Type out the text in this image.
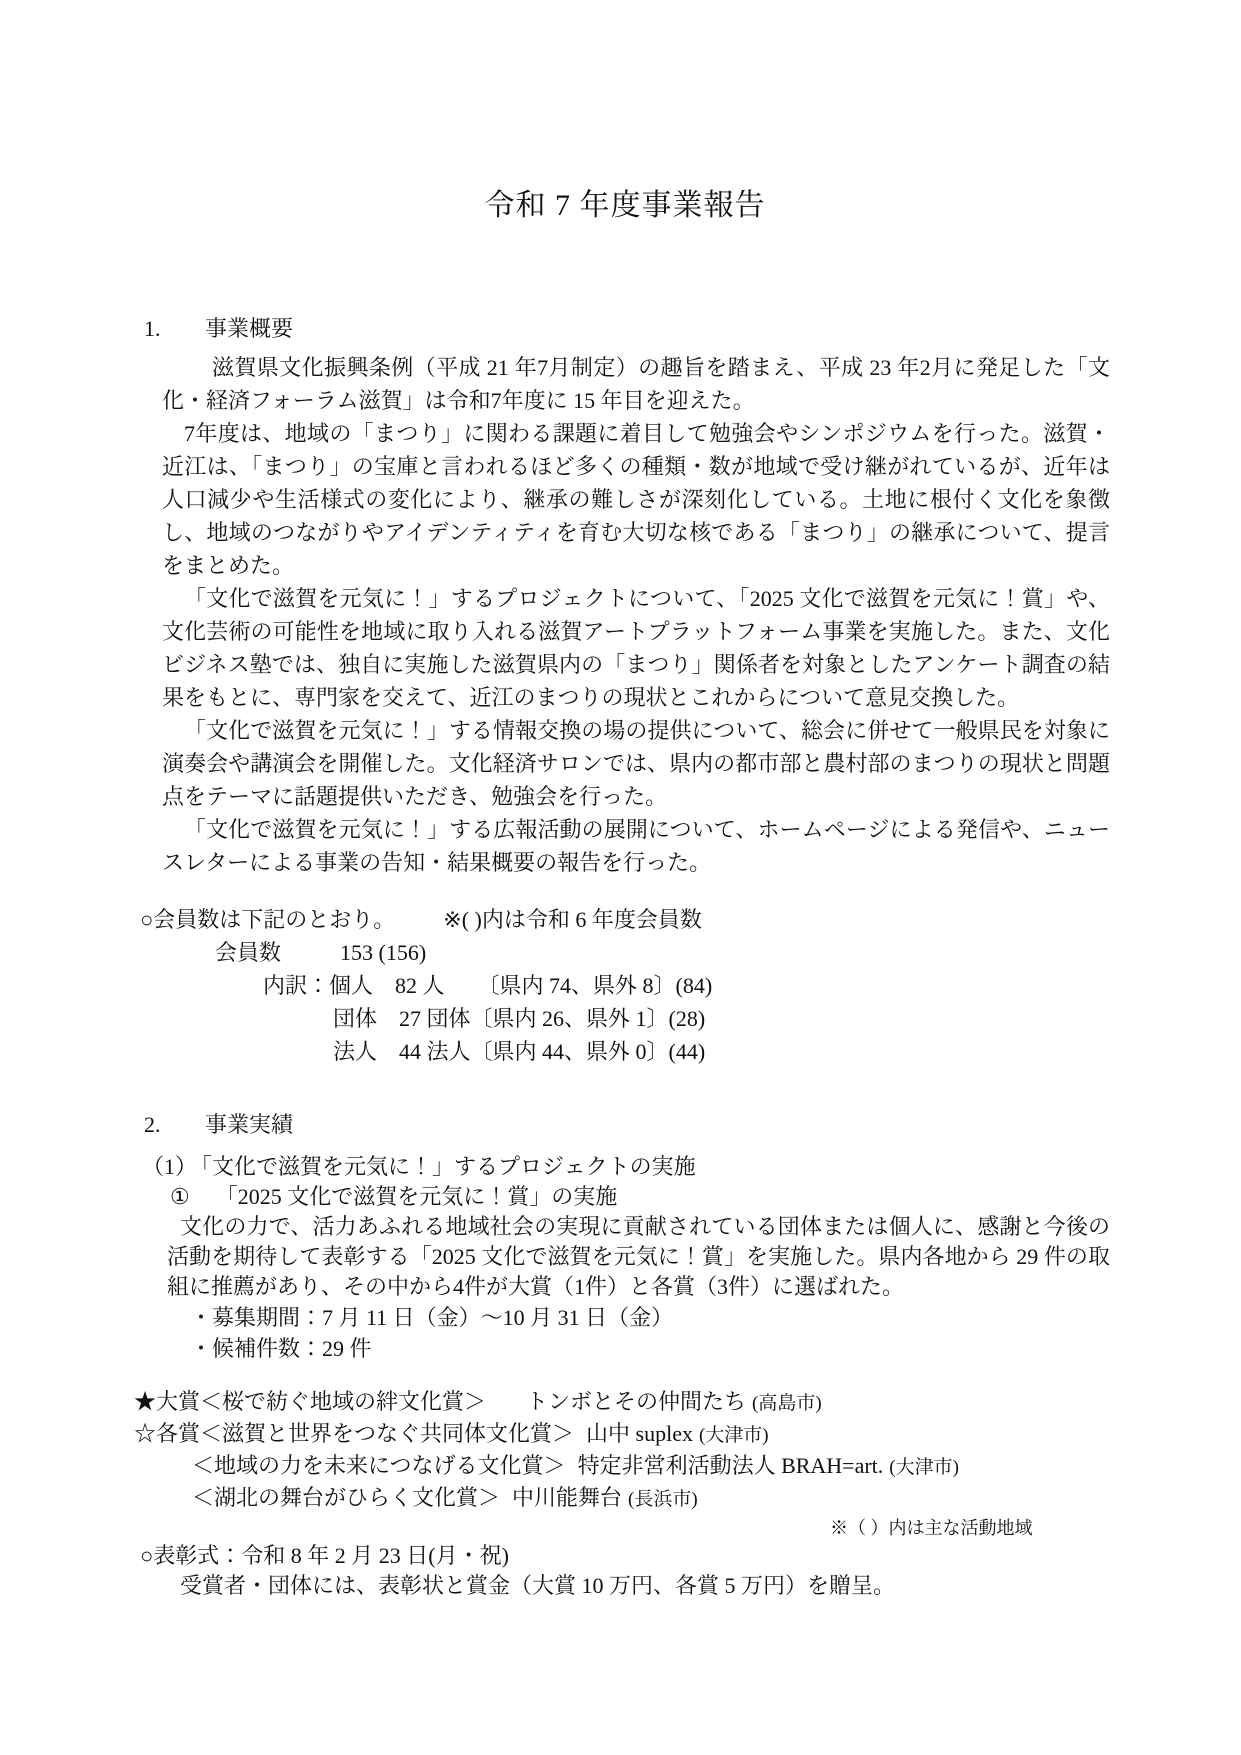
令和 7 年度事業報告
1. 事業概要

滋賀県文化振興条例（平成 21 年7月制定）の趣旨を踏まえ、平成 23 年2月に発足した「文化・経済フォーラム滋賀」は令和7年度に 15 年目を迎えた。

7年度は、地域の「まつり」に関わる課題に着目して勉強会やシンポジウムを行った。滋賀・近江は、「まつり」の宝庫と言われるほど多くの種類・数が地域で受け継がれているが、近年は人口減少や生活様式の変化により、継承の難しさが深刻化している。土地に根付く文化を象徴し、地域のつながりやアイデンティティを育む大切な核である「まつり」の継承について、提言をまとめた。

「文化で滋賀を元気に！」するプロジェクトについて、「2025 文化で滋賀を元気に！賞」や、文化芸術の可能性を地域に取り入れる滋賀アートプラットフォーム事業を実施した。また、文化ビジネス塾では、独自に実施した滋賀県内の「まつり」関係者を対象としたアンケート調査の結果をもとに、専門家を交えて、近江のまつりの現状とこれからについて意見交換した。

「文化で滋賀を元気に！」する情報交換の場の提供について、総会に併せて一般県民を対象に演奏会や講演会を開催した。文化経済サロンでは、県内の都市部と農村部のまつりの現状と問題点をテーマに話題提供いただき、勉強会を行った。

「文化で滋賀を元気に！」する広報活動の展開について、ホームページによる発信や、ニュースレターによる事業の告知・結果概要の報告を行った。

○会員数は下記のとおり。 ※( )内は令和 6 年度会員数
会員数	153 (156)
内訳：個人　82 人　　〔県内 74、県外 8〕(84)
団体　27 団体〔県内 26、県外 1〕(28)
法人　44 法人〔県内 44、県外 0〕(44)
2. 事業実績
（1） 「文化で滋賀を元気に！」するプロジェクトの実施
① 「2025 文化で滋賀を元気に！賞」の実施

文化の力で、活力あふれる地域社会の実現に貢献されている団体または個人に、感謝と今後の活動を期待して表彰する「2025 文化で滋賀を元気に！賞」を実施した。県内各地から 29 件の取組に推薦があり、その中から4件が大賞（1件）と各賞（3件）に選ばれた。

・募集期間：7 月 11 日（金）～10 月 31 日（金）
・候補件数：29 件
★大賞＜桜で紡ぐ地域の絆文化賞＞ トンボとその仲間たち (高島市)
☆各賞＜滋賀と世界をつなぐ共同体文化賞＞ 山中 suplex (大津市)
＜地域の力を未来につなげる文化賞＞ 特定非営利活動法人 BRAH=art. (大津市)
＜湖北の舞台がひらく文化賞＞ 中川能舞台 (長浜市)
※（ ）内は主な活動地域
○表彰式：令和 8 年 2 月 23 日(月・祝)
受賞者・団体には、表彰状と賞金（大賞 10 万円、各賞 5 万円）を贈呈。
